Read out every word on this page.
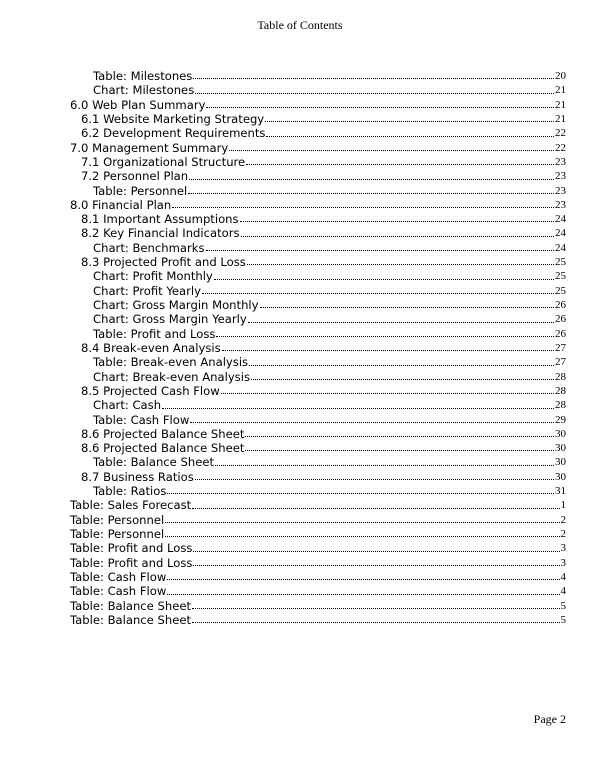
Table of Contents
Table: Milestones	20
Chart: Milestones	21
6.0 Web Plan Summary	21
6.1 Website Marketing Strategy	21
6.2 Development Requirements	22
7.0 Management Summary	22
7.1 Organizational Structure	23
7.2 Personnel Plan	23
Table: Personnel	23
8.0 Financial Plan	23
8.1 Important Assumptions	24
8.2 Key Financial Indicators	24
Chart: Benchmarks	24
8.3 Projected Profit and Loss	25
Chart: Profit Monthly	25
Chart: Profit Yearly	25
Chart: Gross Margin Monthly	26
Chart: Gross Margin Yearly	26
Table: Profit and Loss	26
8.4 Break-even Analysis	27
Table: Break-even Analysis	27
Chart: Break-even Analysis	28
8.5 Projected Cash Flow	28
Chart: Cash	28
Table: Cash Flow	29
8.6 Projected Balance Sheet	30
8.6 Projected Balance Sheet	30
Table: Balance Sheet	30
8.7 Business Ratios	30
Table: Ratios	31
Table: Sales Forecast	1
Table: Personnel	2
Table: Personnel	2
Table: Profit and Loss	3
Table: Profit and Loss	3
Table: Cash Flow	4
Table: Cash Flow	4
Table: Balance Sheet	5
Table: Balance Sheet	5
Page 2
